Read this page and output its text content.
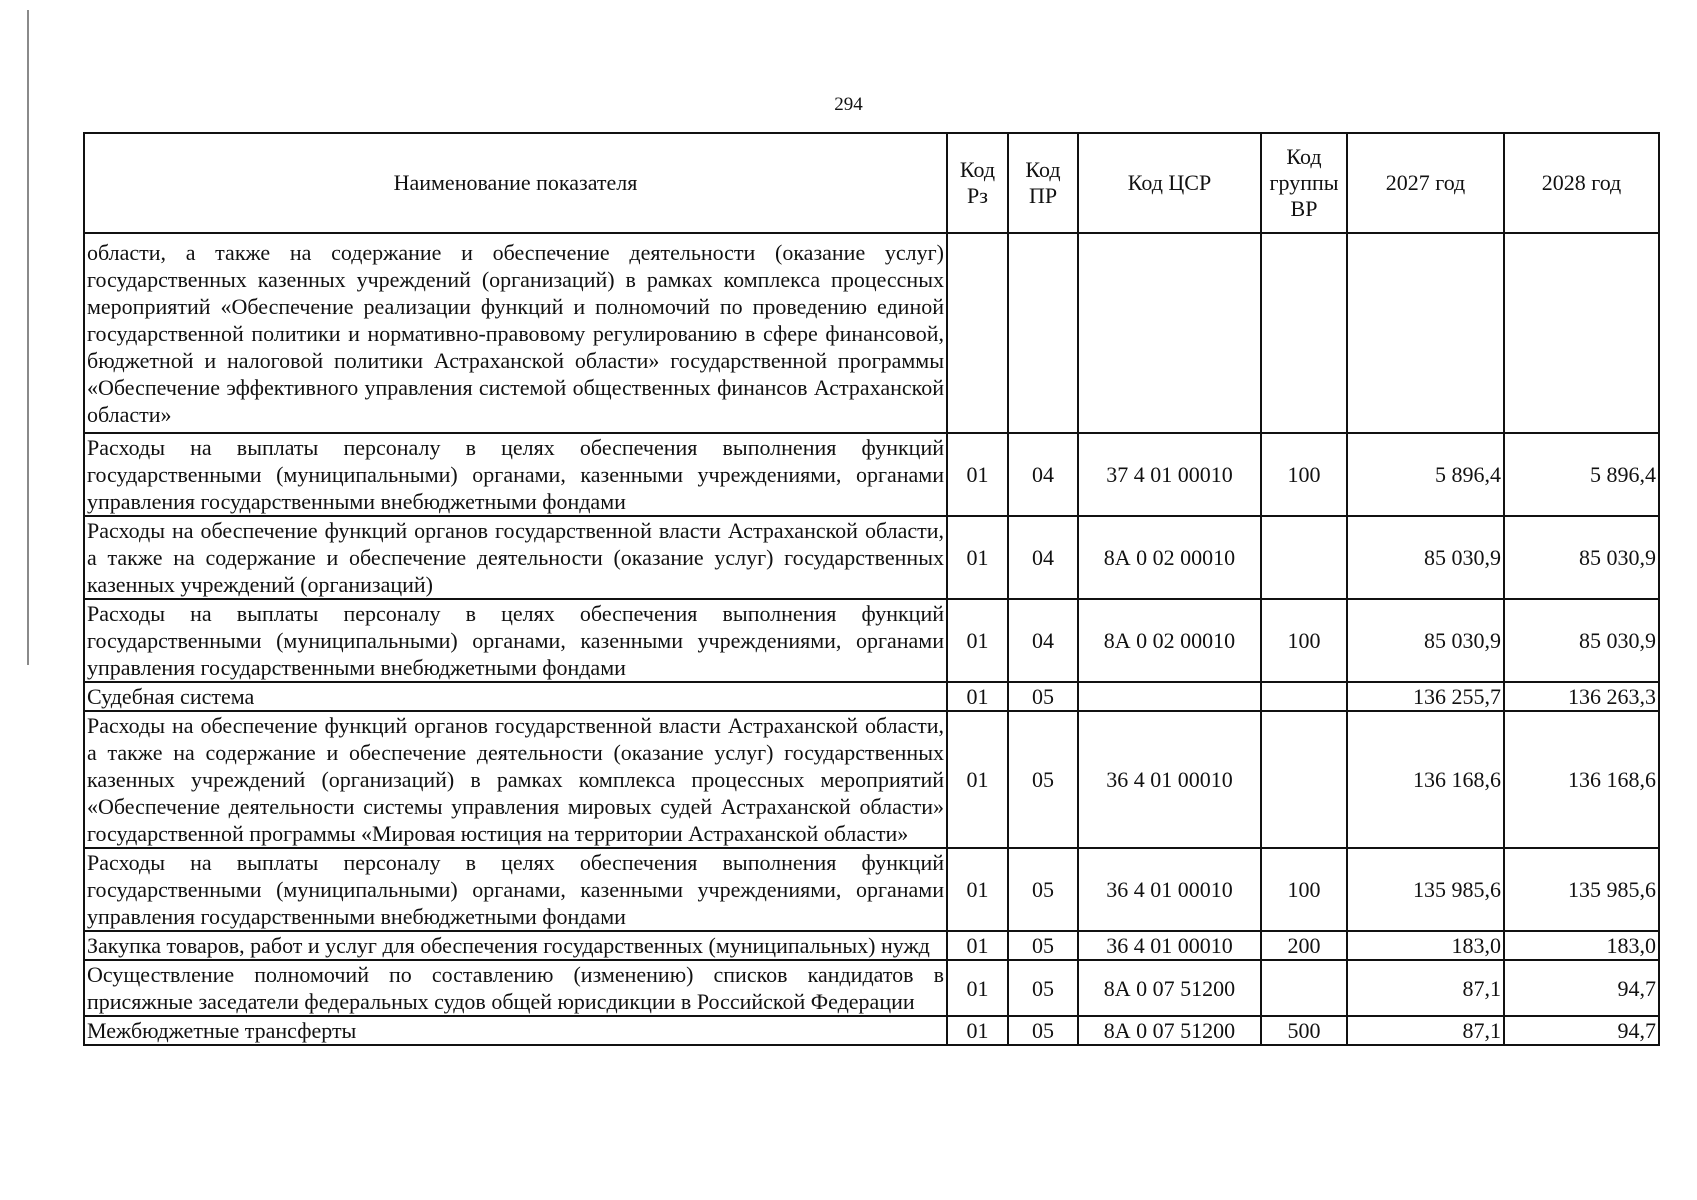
294
Наименование показателя	Код Рз	Код ПР	Код ЦСР	Код группы ВР	2027 год	2028 год
области, а также на содержание и обеспечение деятельности (оказание услуг) государственных казенных учреждений (организаций) в рамках комплекса процессных мероприятий «Обеспечение реализации функций и полномочий по проведению единой государственной политики и нормативно-правовому регулированию в сфере финансовой, бюджетной и налоговой политики Астраханской области» государственной программы «Обеспечение эффективного управления системой общественных финансов Астраханской области»						
Расходы на выплаты персоналу в целях обеспечения выполнения функций государственными (муниципальными) органами, казенными учреждениями, органами управления государственными внебюджетными фондами	01	04	37 4 01 00010	100	5 896,4	5 896,4
Расходы на обеспечение функций органов государственной власти Астраханской области, а также на содержание и обеспечение деятельности (оказание услуг) государственных казенных учреждений (организаций)	01	04	8А 0 02 00010		85 030,9	85 030,9
Расходы на выплаты персоналу в целях обеспечения выполнения функций государственными (муниципальными) органами, казенными учреждениями, органами управления государственными внебюджетными фондами	01	04	8А 0 02 00010	100	85 030,9	85 030,9
Судебная система	01	05			136 255,7	136 263,3
Расходы на обеспечение функций органов государственной власти Астраханской области, а также на содержание и обеспечение деятельности (оказание услуг) государственных казенных учреждений (организаций) в рамках комплекса процессных мероприятий «Обеспечение деятельности системы управления мировых судей Астраханской области» государственной программы «Мировая юстиция на территории Астраханской области»	01	05	36 4 01 00010		136 168,6	136 168,6
Расходы на выплаты персоналу в целях обеспечения выполнения функций государственными (муниципальными) органами, казенными учреждениями, органами управления государственными внебюджетными фондами	01	05	36 4 01 00010	100	135 985,6	135 985,6
Закупка товаров, работ и услуг для обеспечения государственных (муниципальных) нужд	01	05	36 4 01 00010	200	183,0	183,0
Осуществление полномочий по составлению (изменению) списков кандидатов в присяжные заседатели федеральных судов общей юрисдикции в Российской Федерации	01	05	8А 0 07 51200		87,1	94,7
Межбюджетные трансферты	01	05	8А 0 07 51200	500	87,1	94,7
